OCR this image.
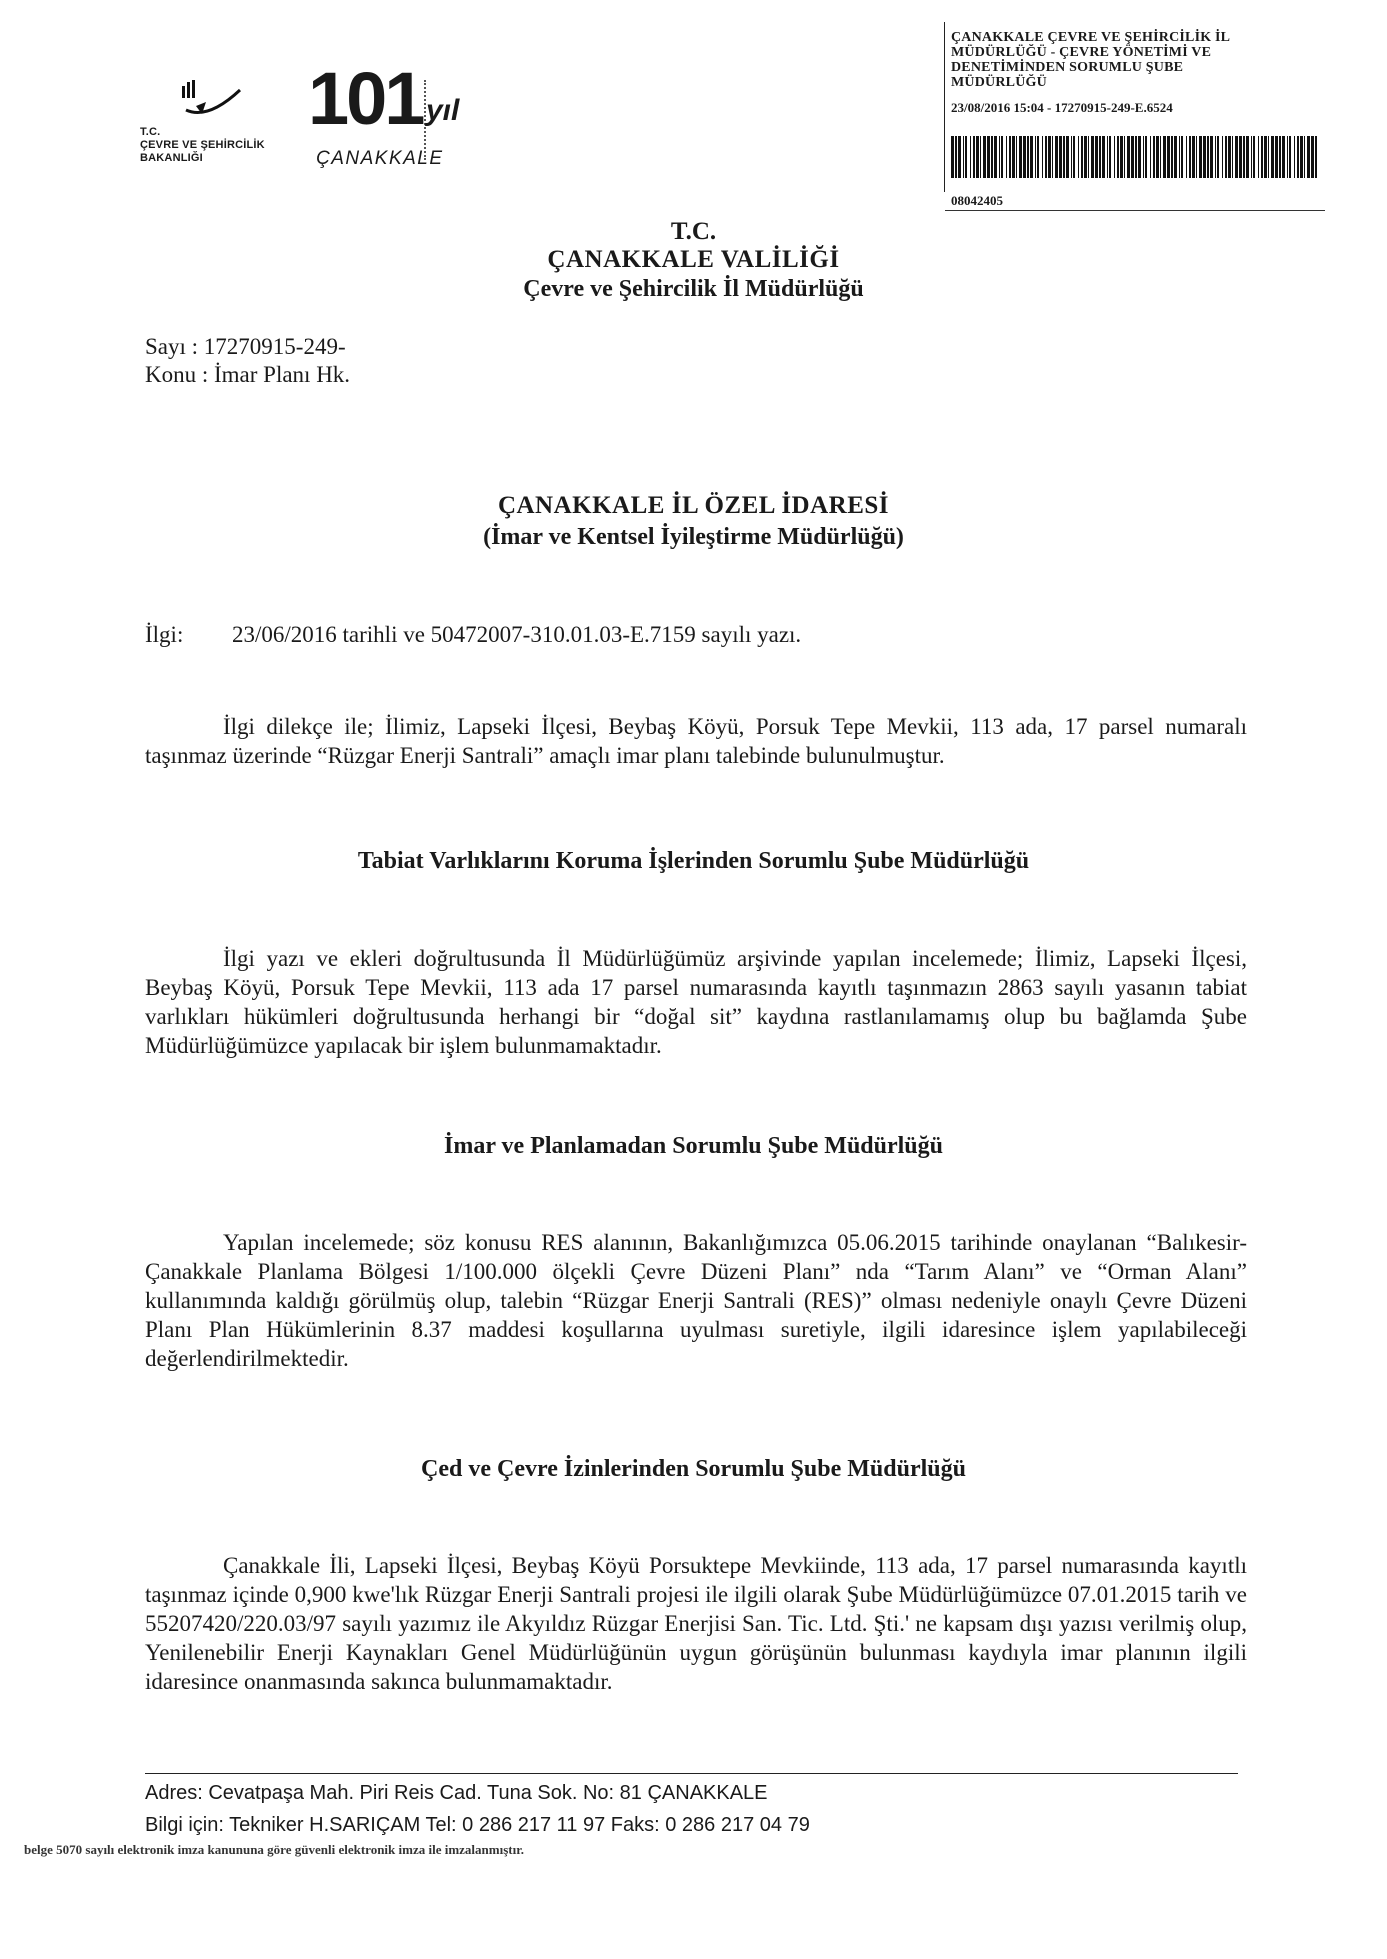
T.C.
ÇEVRE VE ŞEHİRCİLİK
BAKANLIĞI
101 yıl
ÇANAKKALE
ÇANAKKALE ÇEVRE VE ŞEHİRCİLİK İL
MÜDÜRLÜĞÜ - ÇEVRE YÖNETİMİ VE
DENETİMİNDEN SORUMLU ŞUBE
MÜDÜRLÜĞÜ
23/08/2016 15:04 - 17270915-249-E.6524
08042405
T.C.
ÇANAKKALE VALİLİĞİ
Çevre ve Şehircilik İl Müdürlüğü
Sayı : 17270915-249-
Konu : İmar Planı Hk.
ÇANAKKALE İL ÖZEL İDARESİ
(İmar ve Kentsel İyileştirme Müdürlüğü)
İlgi: 23/06/2016 tarihli ve 50472007-310.01.03-E.7159 sayılı yazı.

İlgi dilekçe ile; İlimiz, Lapseki İlçesi, Beybaş Köyü, Porsuk Tepe Mevkii, 113 ada, 17 parsel numaralı taşınmaz üzerinde “Rüzgar Enerji Santrali” amaçlı imar planı talebinde bulunulmuştur.

Tabiat Varlıklarını Koruma İşlerinden Sorumlu Şube Müdürlüğü

İlgi yazı ve ekleri doğrultusunda İl Müdürlüğümüz arşivinde yapılan incelemede; İlimiz, Lapseki İlçesi, Beybaş Köyü, Porsuk Tepe Mevkii, 113 ada 17 parsel numarasında kayıtlı taşınmazın 2863 sayılı yasanın tabiat varlıkları hükümleri doğrultusunda herhangi bir “doğal sit” kaydına rastlanılamamış olup bu bağlamda Şube Müdürlüğümüzce yapılacak bir işlem bulunmamaktadır.

İmar ve Planlamadan Sorumlu Şube Müdürlüğü

Yapılan incelemede; söz konusu RES alanının, Bakanlığımızca 05.06.2015 tarihinde onaylanan “Balıkesir-Çanakkale Planlama Bölgesi 1/100.000 ölçekli Çevre Düzeni Planı” nda “Tarım Alanı” ve “Orman Alanı” kullanımında kaldığı görülmüş olup, talebin “Rüzgar Enerji Santrali (RES)” olması nedeniyle onaylı Çevre Düzeni Planı Plan Hükümlerinin 8.37 maddesi koşullarına uyulması suretiyle, ilgili idaresince işlem yapılabileceği değerlendirilmektedir.

Çed ve Çevre İzinlerinden Sorumlu Şube Müdürlüğü

Çanakkale İli, Lapseki İlçesi, Beybaş Köyü Porsuktepe Mevkiinde, 113 ada, 17 parsel numarasında kayıtlı taşınmaz içinde 0,900 kwe'lık Rüzgar Enerji Santrali projesi ile ilgili olarak Şube Müdürlüğümüzce 07.01.2015 tarih ve 55207420/220.03/97 sayılı yazımız ile Akyıldız Rüzgar Enerjisi San. Tic. Ltd. Şti.' ne kapsam dışı yazısı verilmiş olup, Yenilenebilir Enerji Kaynakları Genel Müdürlüğünün uygun görüşünün bulunması kaydıyla imar planının ilgili idaresince onanmasında sakınca bulunmamaktadır.

Adres: Cevatpaşa Mah. Piri Reis Cad. Tuna Sok. No: 81 ÇANAKKALE
Bilgi için: Tekniker H.SARIÇAM Tel: 0 286 217 11 97 Faks: 0 286 217 04 79
belge 5070 sayılı elektronik imza kanununa göre güvenli elektronik imza ile imzalanmıştır.
